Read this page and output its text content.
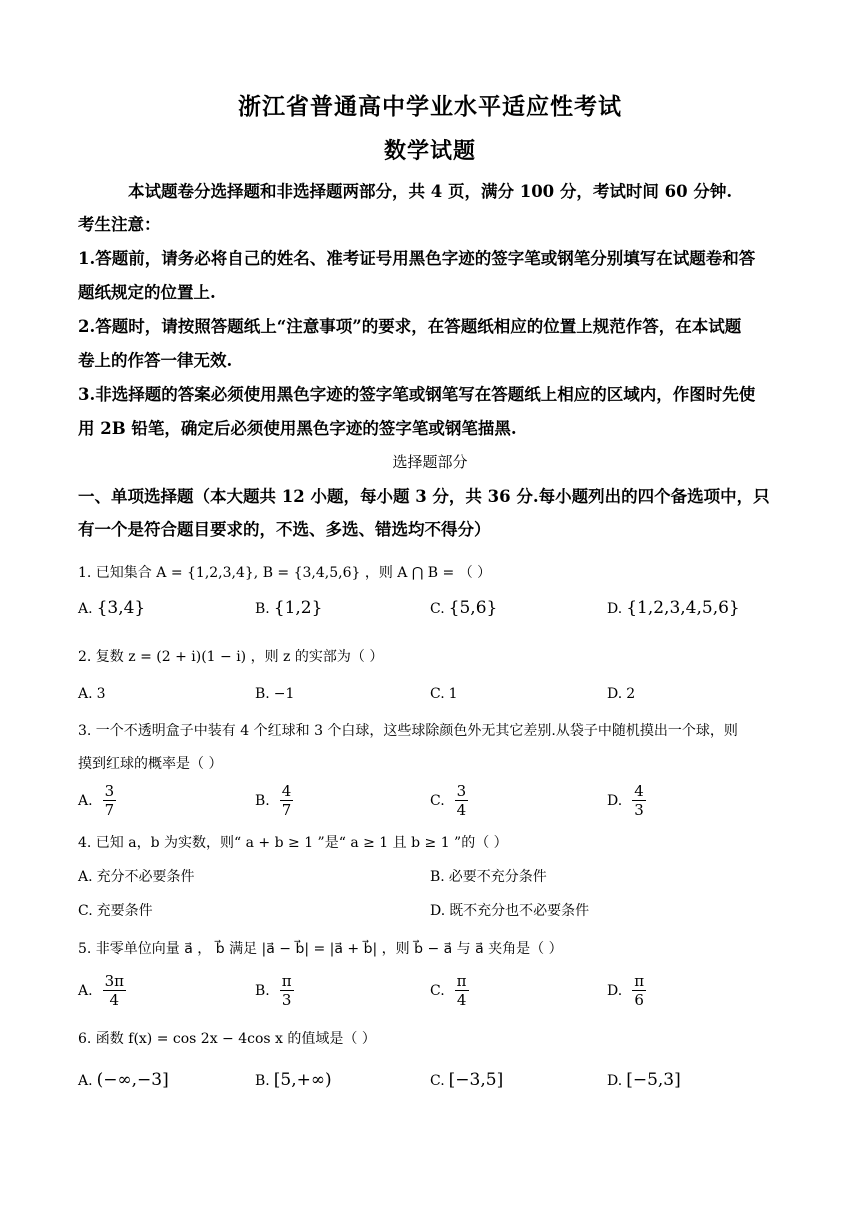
浙江省普通高中学业水平适应性考试
数学试题
本试题卷分选择题和非选择题两部分，共 4 页，满分 100 分，考试时间 60 分钟.
考生注意：
1.答题前，请务必将自己的姓名、准考证号用黑色字迹的签字笔或钢笔分别填写在试题卷和答
题纸规定的位置上.
2.答题时，请按照答题纸上“注意事项”的要求，在答题纸相应的位置上规范作答，在本试题
卷上的作答一律无效.
3.非选择题的答案必须使用黑色字迹的签字笔或钢笔写在答题纸上相应的区域内，作图时先使
用 2B 铅笔，确定后必须使用黑色字迹的签字笔或钢笔描黑.
选择题部分
一、单项选择题（本大题共 12 小题，每小题 3 分，共 36 分.每小题列出的四个备选项中，只
有一个是符合题目要求的，不选、多选、错选均不得分）
1. 已知集合 A = {1,2,3,4}, B = {3,4,5,6} ，则 A ⋂ B = （ ）
A. {3,4}	B. {1,2}	C. {5,6}	D. {1,2,3,4,5,6}
2. 复数 z = (2 + i)(1 − i) ，则 z 的实部为（ ）
A. 3	B. −1	C. 1	D. 2
3. 一个不透明盒子中装有 4 个红球和 3 个白球，这些球除颜色外无其它差别.从袋子中随机摸出一个球，则
摸到红球的概率是（ ）
A. $\frac{3}{7}$	B. $\frac{4}{7}$	C. $\frac{3}{4}$	D. $\frac{4}{3}$
4. 已知 a，b 为实数，则“ a + b ≥ 1 ”是“ a ≥ 1 且 b ≥ 1 ”的（ ）
A. 充分不必要条件	B. 必要不充分条件
C. 充要条件	D. 既不充分也不必要条件
5. 非零单位向量 a⃗ ， b⃗ 满足 |a⃗ − b⃗| = |a⃗ + b⃗| ，则 b⃗ − a⃗ 与 a⃗ 夹角是（ ）
A. $\frac{3\pi}{4}$	B. $\frac{\pi}{3}$	C. $\frac{\pi}{4}$	D. $\frac{\pi}{6}$
6. 函数 f(x) = cos 2x − 4cos x 的值域是（ ）
A. (−∞,−3]	B. [5,+∞)	C. [−3,5]	D. [−5,3]
